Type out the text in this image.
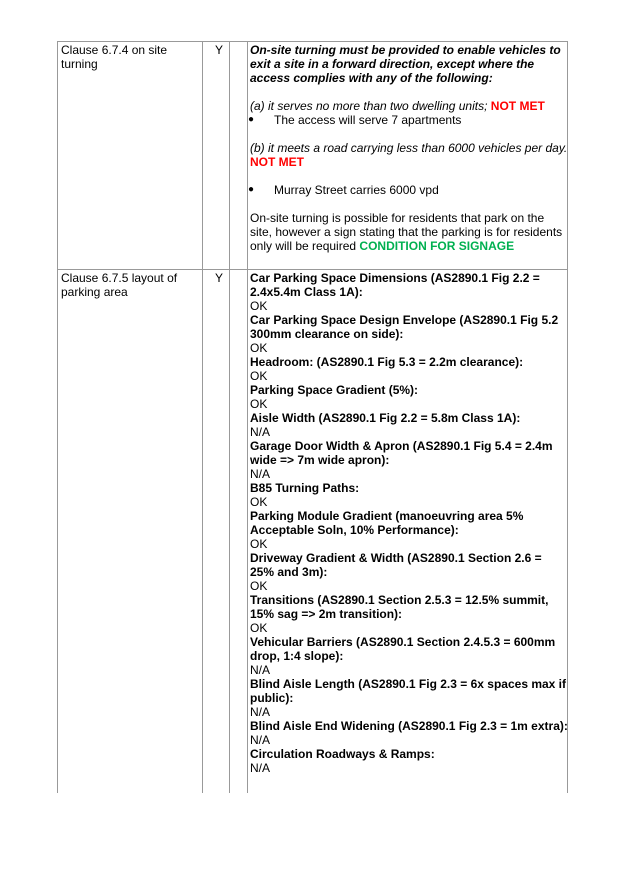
Clause 6.7.4 on site turning
Y	On-site turning must be provided to enable vehicles to exit a site in a forward direction, except where the access complies with any of the following:

(a) it serves no more than two dwelling units; NOT MET

● The access will serve 7 apartments

(b) it meets a road carrying less than 6000 vehicles per day. NOT MET

● Murray Street carries 6000 vpd

On-site turning is possible for residents that park on the site, however a sign stating that the parking is for residents only will be required CONDITION FOR SIGNAGE

Clause 6.7.5 layout of parking area
Y	Car Parking Space Dimensions (AS2890.1 Fig 2.2 = 2.4x5.4m Class 1A):

OK

Car Parking Space Design Envelope (AS2890.1 Fig 5.2 300mm clearance on side):

OK

Headroom: (AS2890.1 Fig 5.3 = 2.2m clearance):

OK

Parking Space Gradient (5%):

OK

Aisle Width (AS2890.1 Fig 2.2 = 5.8m Class 1A):

N/A

Garage Door Width & Apron (AS2890.1 Fig 5.4 = 2.4m wide => 7m wide apron):

N/A

B85 Turning Paths:

OK

Parking Module Gradient (manoeuvring area 5% Acceptable Soln, 10% Performance):

OK

Driveway Gradient & Width (AS2890.1 Section 2.6 = 25% and 3m):

OK

Transitions (AS2890.1 Section 2.5.3 = 12.5% summit, 15% sag => 2m transition):

OK

Vehicular Barriers (AS2890.1 Section 2.4.5.3 = 600mm drop, 1:4 slope):

N/A

Blind Aisle Length (AS2890.1 Fig 2.3 = 6x spaces max if public):

N/A

Blind Aisle End Widening (AS2890.1 Fig 2.3 = 1m extra):

N/A

Circulation Roadways & Ramps:

N/A
